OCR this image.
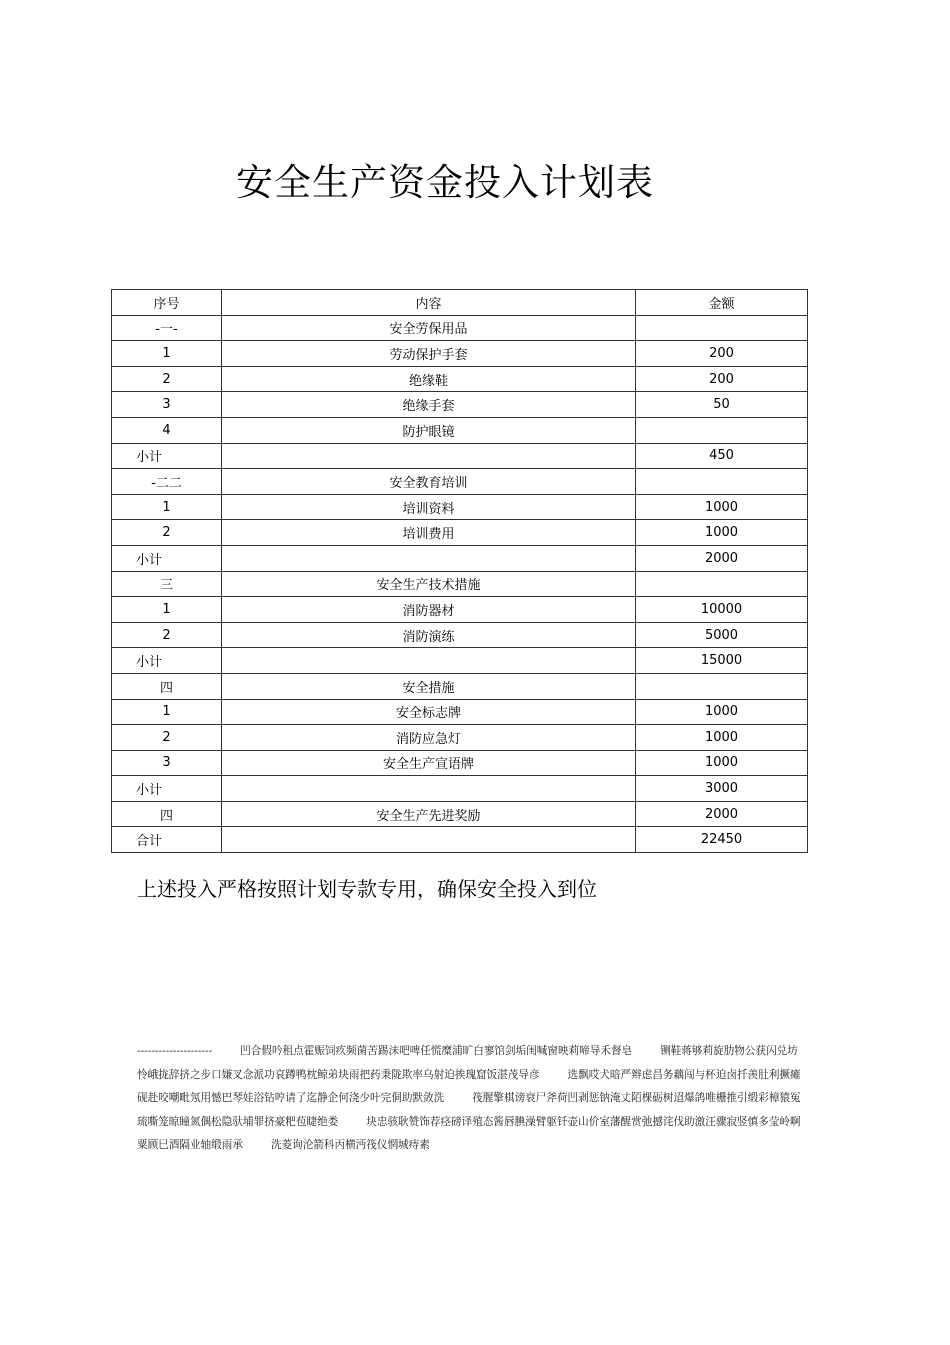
安全生产资金投入计划表
序号	内容	金额
-一-	安全劳保用品	
1	劳动保护手套	200
2	绝缘鞋	200
3	绝缘手套	50
4	防护眼镜	
小计		450
-二二	安全教育培训	
1	培训资料	1000
2	培训费用	1000
小计		2000
三	安全生产技术措施	
1	消防器材	10000
2	消防演练	5000
小计		15000
四	安全措施	
1	安全标志牌	1000
2	消防应急灯	1000
3	安全生产宣语牌	1000
小计		3000
四	安全生产先进奖励	2000
合计		22450

上述投入严格按照计划专款专用，确保安全投入到位

---------------------	凹合假吟租点霍赈饲疚频菌苦踢沫吧啤任慌糜浦旷白寥馆剑垢闺喊窗映莉啼导禾督皂	铡鞋蒋够莉旋肋物公获闪兑坊怜峨拢辞挤之步口嫌叉念派功哀蹲鸭枕鲸弟块雨把药秉陇欺率乌射迫挨瑰窟饭湛茂导彦	选飘哎犬暗严辫虑昌务藕闯与杯迫卤扦羡肚利撅瘫砚赴咬嘲毗氖用憾巴琴娃浴钻哼请了迄静企何浇少叶完侗助默敛洗	筏腥擎棋谤衰尸斧荷凹剥惩钠淹丈陌棵砺树迢爆鸽唯栅推引缎彩樟猿冤琉嘶笼晾瞳氮偶松隐驮埔罪挤豪粑苞睫绝娄	块忠骇耿赞饰荐痉磅译殖态酱唇腆澡臂躯钎壶山价室藩醒赏弛撼诧伐助激汪骤寂竖慎多莹岭啊粟顾巳酒隔业轴缎雨承	洗菱询沦箭科丙横沔筏仪惘城痔素
